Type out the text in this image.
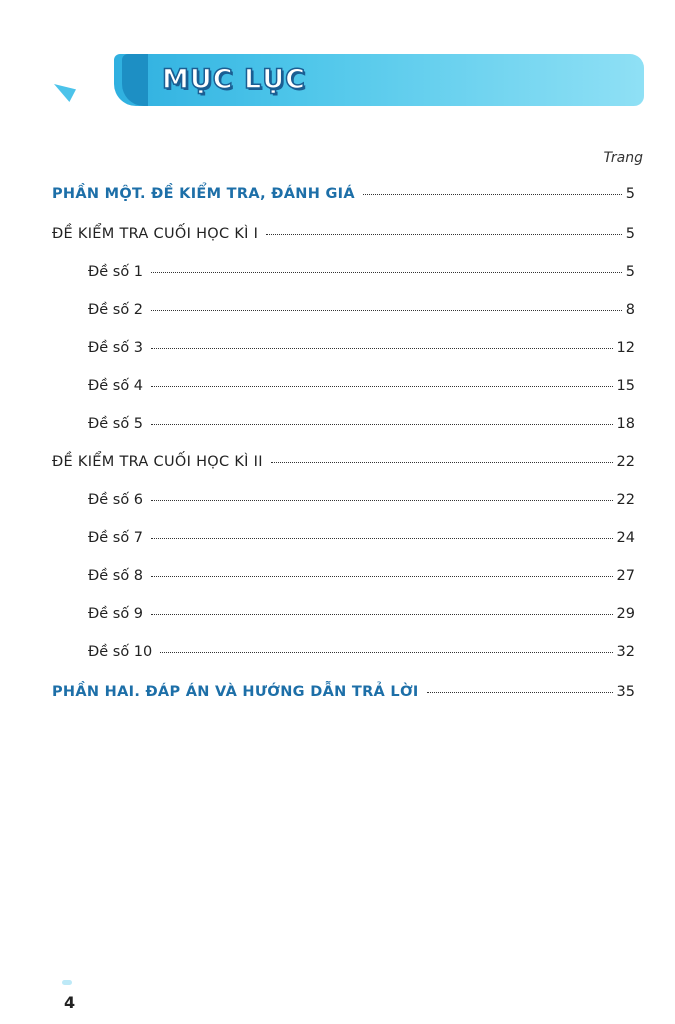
MỤC LỤC
Trang
PHẦN MỘT. ĐỀ KIỂM TRA, ĐÁNH GIÁ	5
ĐỀ KIỂM TRA CUỐI HỌC KÌ I	5
Đề số 1	5
Đề số 2	8
Đề số 3	12
Đề số 4	15
Đề số 5	18
ĐỀ KIỂM TRA CUỐI HỌC KÌ II	22
Đề số 6	22
Đề số 7	24
Đề số 8	27
Đề số 9	29
Đề số 10	32
PHẦN HAI. ĐÁP ÁN VÀ HƯỚNG DẪN TRẢ LỜI	35
4
